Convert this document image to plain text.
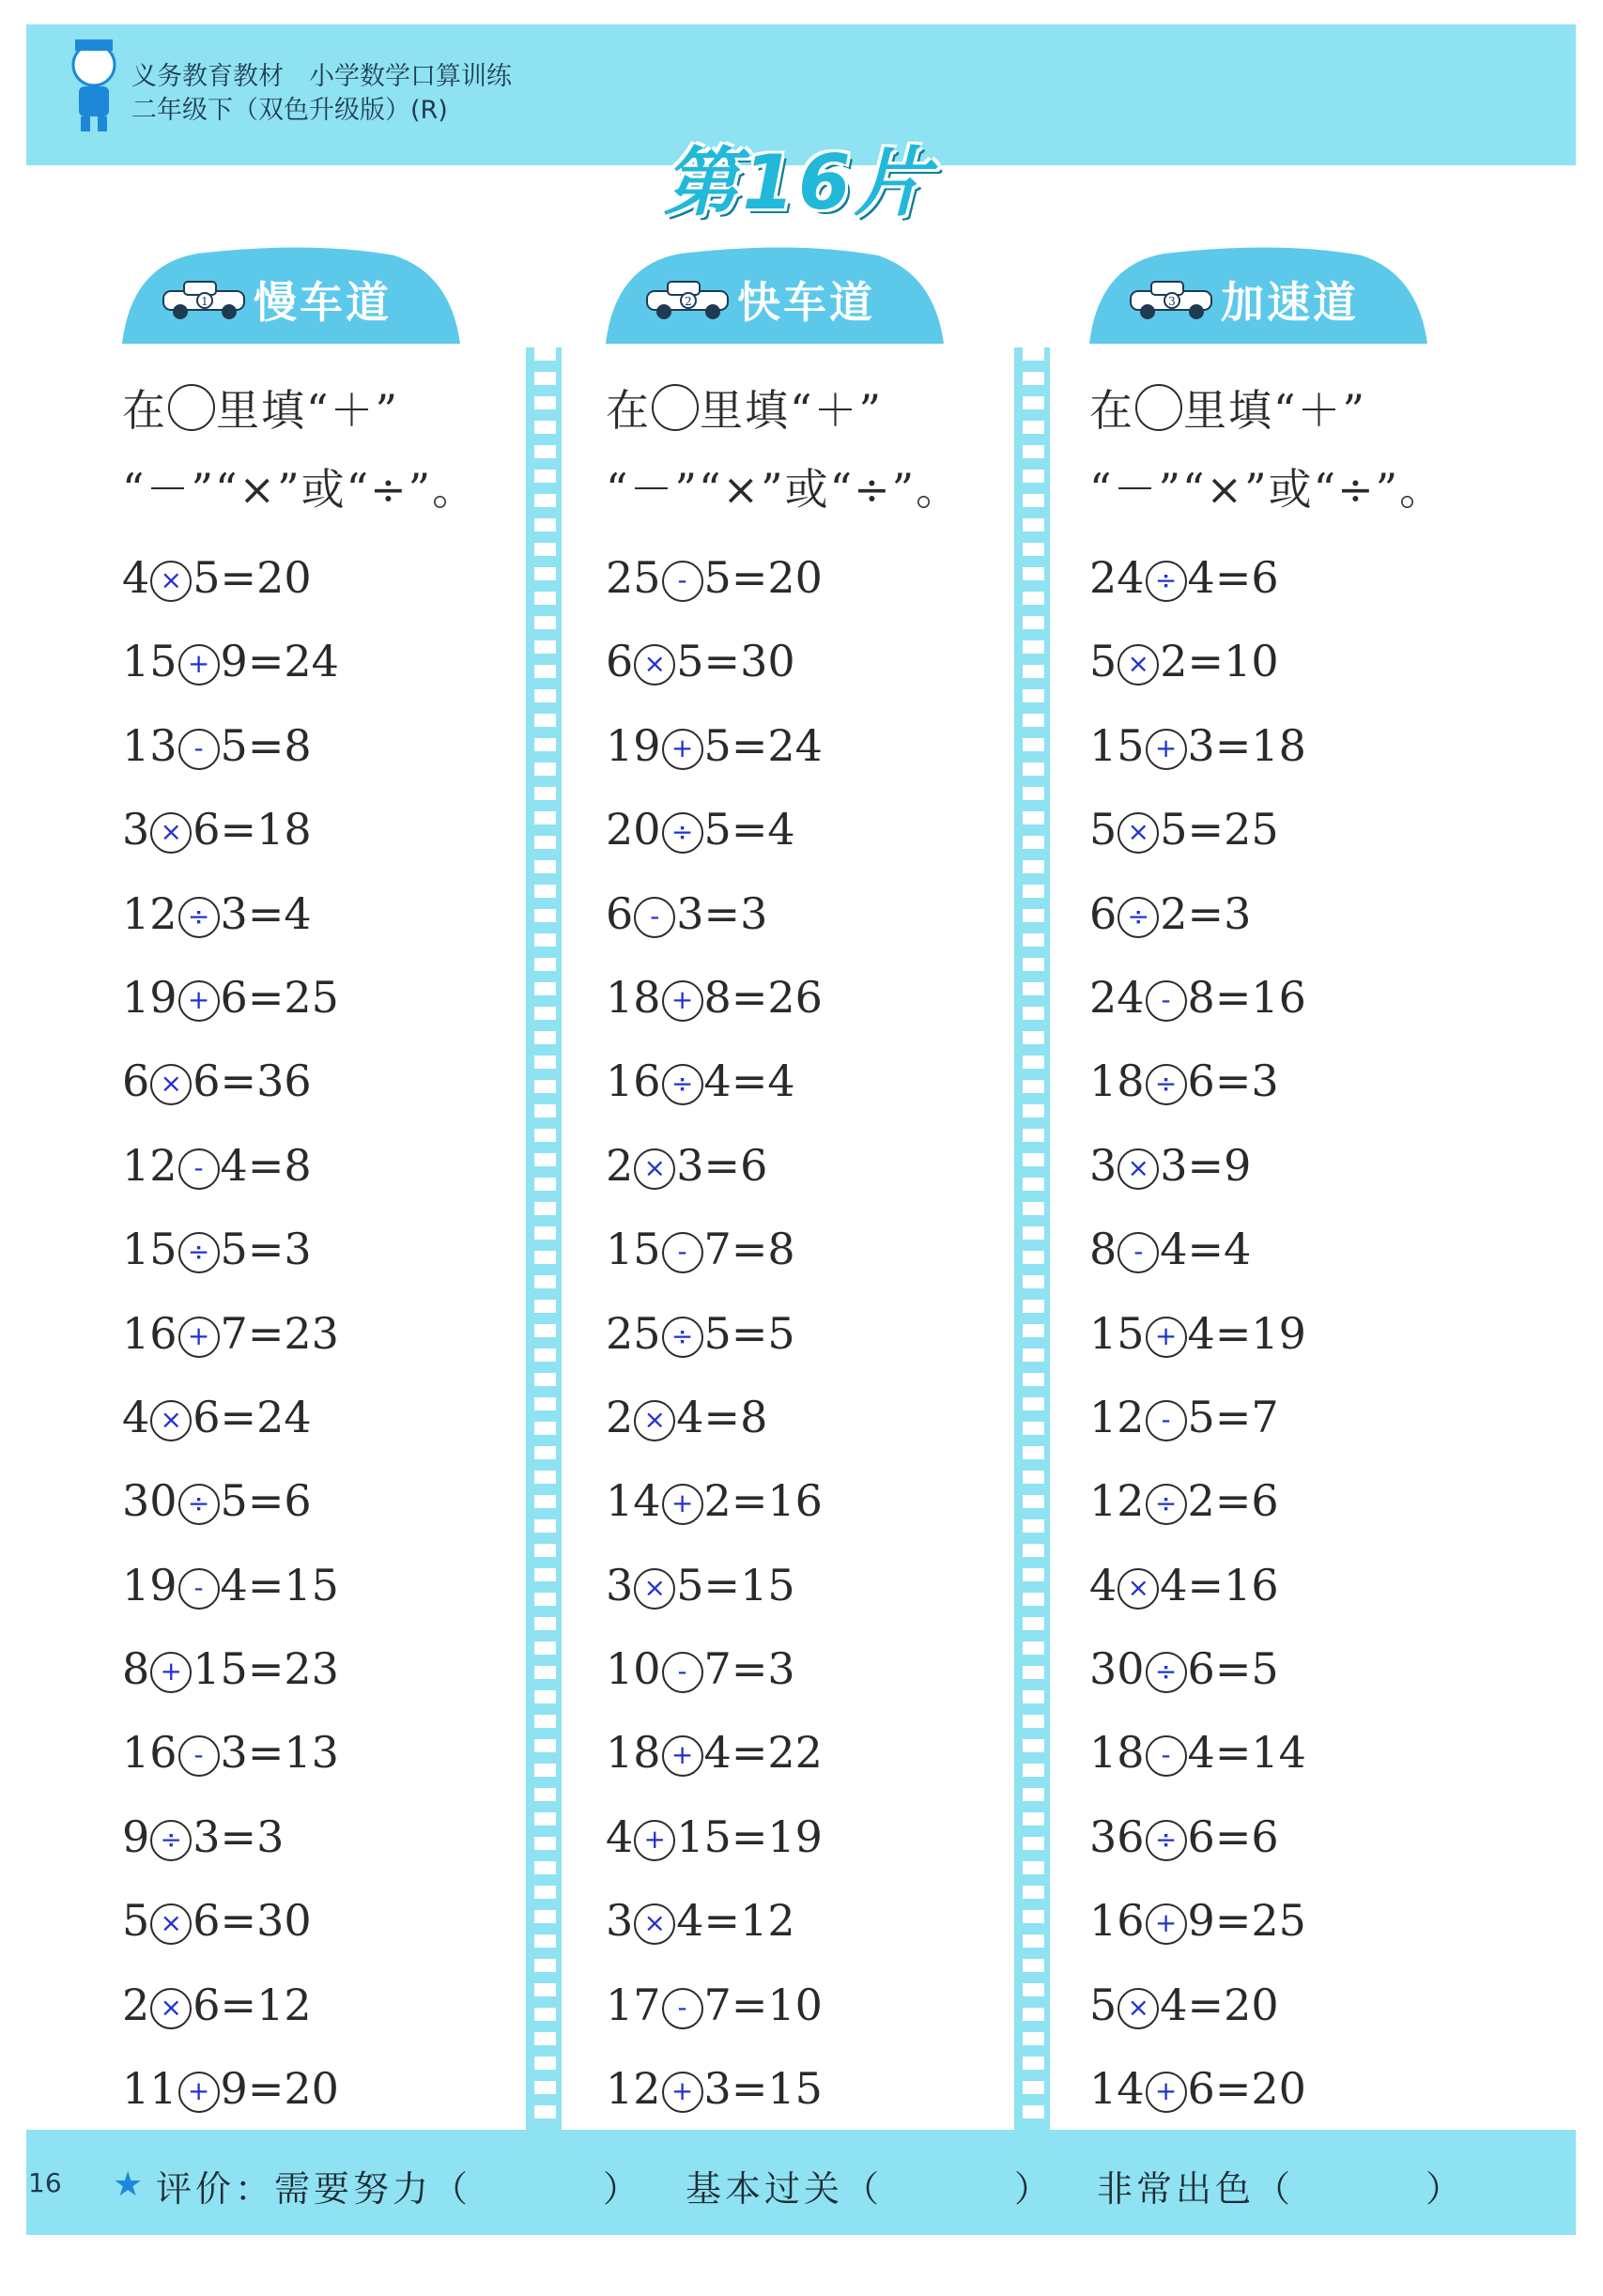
义务教育教材　小学数学口算训练
二年级下（双色升级版）(R)
第16片
1 慢车道	2 快车道	3 加速道
在 里填“＋”
“－”“×”或“÷”。
4 × 5=20
15 + 9=24
13 - 5=8
3 × 6=18
12 ÷ 3=4
19 + 6=25
6 × 6=36
12 - 4=8
15 ÷ 5=3
16 + 7=23
4 × 6=24
30 ÷ 5=6
19 - 4=15
8 + 15=23
16 - 3=13
9 ÷ 3=3
5 × 6=30
2 × 6=12
11 + 9=20
在 里填“＋”
“－”“×”或“÷”。
25 - 5=20
6 × 5=30
19 + 5=24
20 ÷ 5=4
6 - 3=3
18 + 8=26
16 ÷ 4=4
2 × 3=6
15 - 7=8
25 ÷ 5=5
2 × 4=8
14 + 2=16
3 × 5=15
10 - 7=3
18 + 4=22
4 + 15=19
3 × 4=12
17 - 7=10
12 + 3=15
在 里填“＋”
“－”“×”或“÷”。
24 ÷ 4=6
5 × 2=10
15 + 3=18
5 × 5=25
6 ÷ 2=3
24 - 8=16
18 ÷ 6=3
3 × 3=9
8 - 4=4
15 + 4=19
12 - 5=7
12 ÷ 2=6
4 × 4=16
30 ÷ 6=5
18 - 4=14
36 ÷ 6=6
16 + 9=25
5 × 4=20
14 + 6=20
16 ★ 评价：需要努力（	） 基本过关（	） 非常出色（	）
